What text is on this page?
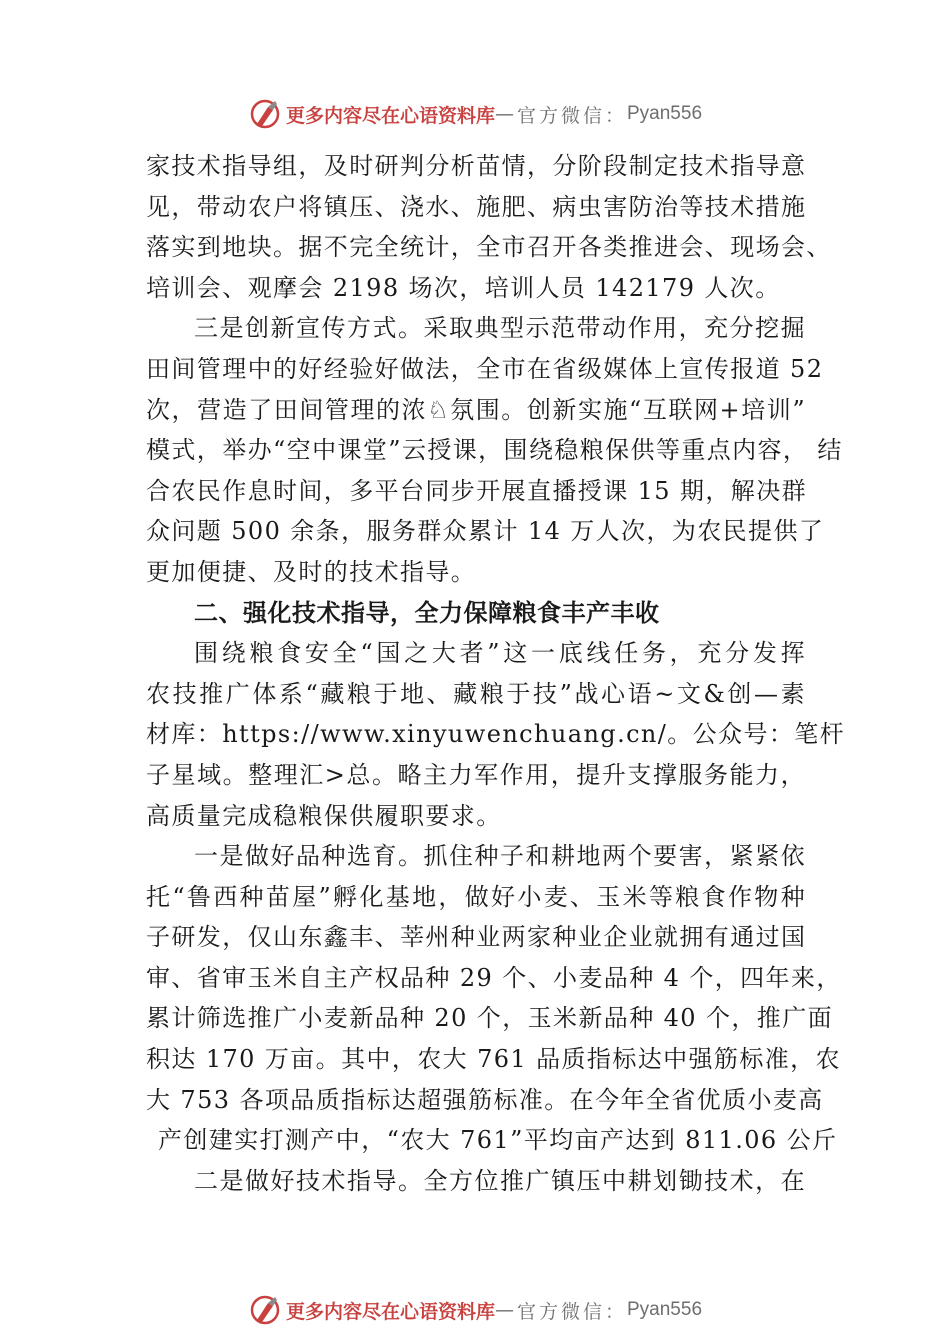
更多内容尽在心语资料库 — 官方微信： Pyan556
家技术指导组，及时研判分析苗情，分阶段制定技术指导意
见，带动农户将镇压、浇水、施肥、病虫害防治等技术措施
落实到地块。据不完全统计，全市召开各类推进会、现场会、
培训会、观摩会 2198 场次，培训人员 142179 人次。
三是创新宣传方式。采取典型示范带动作用，充分挖掘
田间管理中的好经验好做法，全市在省级媒体上宣传报道 52
次，营造了田间管理的浓♘氛围。创新实施“互联网+培训”
模式，举办“空中课堂”云授课，围绕稳粮保供等重点内容， 结
合农民作息时间，多平台同步开展直播授课 15 期，解决群
众问题 500 余条，服务群众累计 14 万人次，为农民提供了
更加便捷、及时的技术指导。
二、强化技术指导，全力保障粮食丰产丰收
围绕粮食安全“国之大者”这一底线任务，充分发挥
农技推广体系“藏粮于地、藏粮于技”战心语~文&创—素
材库：https://www.xinyuwenchuang.cn/。公众号：笔杆
子星域。整理汇>总。略主力军作用，提升支撑服务能力，
高质量完成稳粮保供履职要求。
一是做好品种选育。抓住种子和耕地两个要害，紧紧依
托“鲁西种苗屋”孵化基地，做好小麦、玉米等粮食作物种
子研发，仅山东鑫丰、莘州种业两家种业企业就拥有通过国
审、省审玉米自主产权品种 29 个、小麦品种 4 个，四年来，
累计筛选推广小麦新品种 20 个，玉米新品种 40 个，推广面
积达 170 万亩。其中，农大 761 品质指标达中强筋标准，农
大 753 各项品质指标达超强筋标准。在今年全省优质小麦高
产创建实打测产中，“农大 761”平均亩产达到 811.06 公斤
二是做好技术指导。全方位推广镇压中耕划锄技术，在
更多内容尽在心语资料库 — 官方微信： Pyan556
